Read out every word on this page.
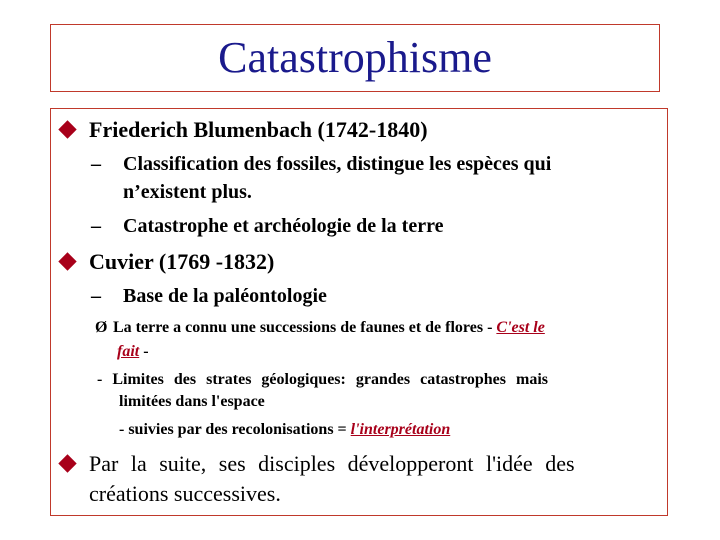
Catastrophisme
Friederich Blumenbach (1742-1840)
– Classification des fossiles, distingue les espèces qui
n’existent plus.
– Catastrophe et archéologie de la terre
Cuvier (1769 -1832)
– Base de la paléontologie
Ø La terre a connu une successions de faunes et de flores - C'est le
fait -
- Limites des strates géologiques: grandes catastrophes mais
limitées dans l'espace
- suivies par des recolonisations = l'interprétation
Par la suite, ses disciples développeront l'idée des
créations successives.
